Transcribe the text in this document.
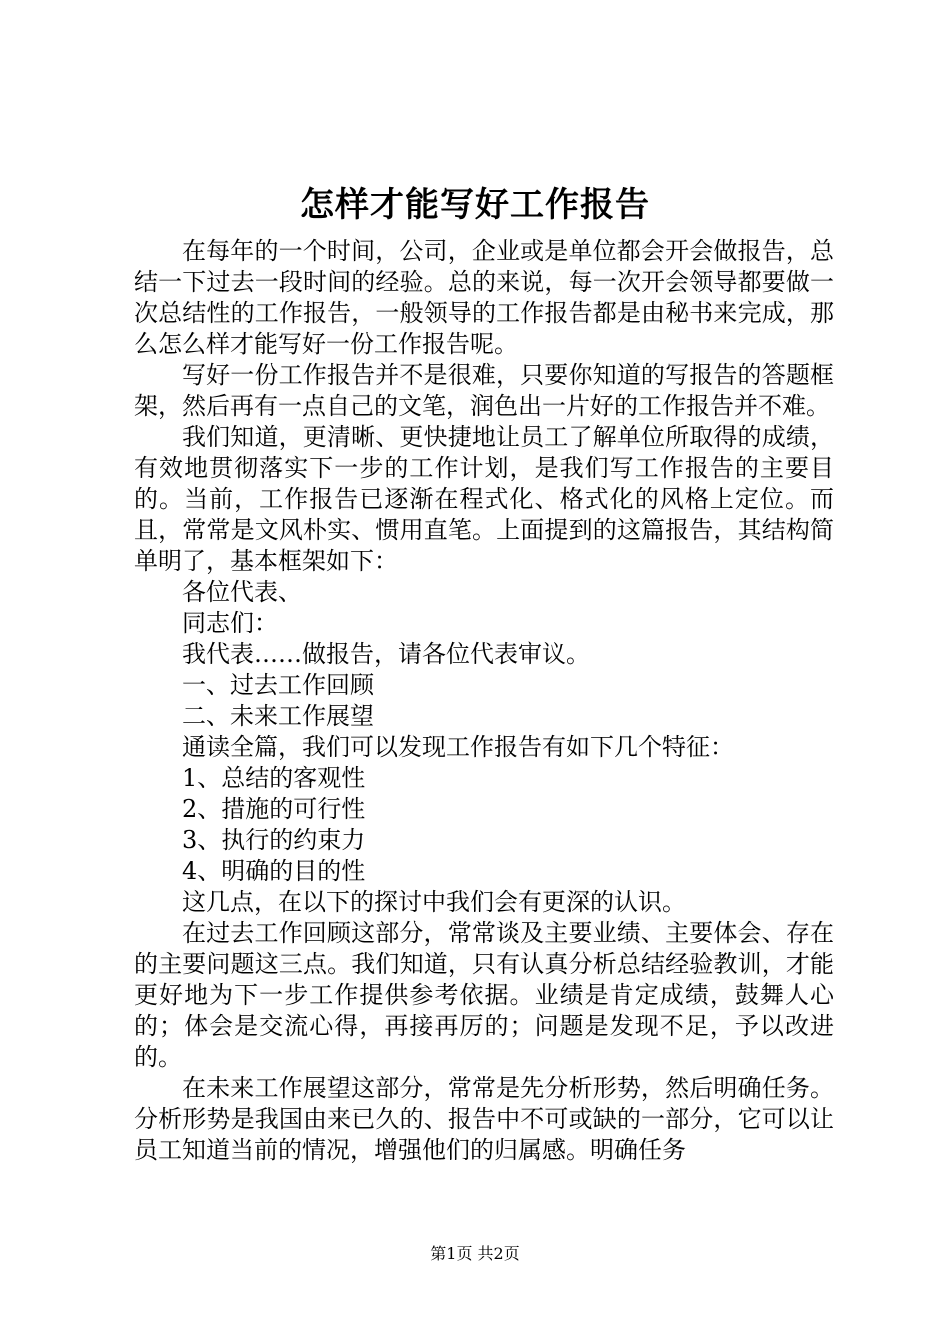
怎样才能写好工作报告

在每年的一个时间，公司，企业或是单位都会开会做报告，总结一下过去一段时间的经验。总的来说，每一次开会领导都要做一次总结性的工作报告，一般领导的工作报告都是由秘书来完成，那么怎么样才能写好一份工作报告呢。

写好一份工作报告并不是很难，只要你知道的写报告的答题框架，然后再有一点自己的文笔，润色出一片好的工作报告并不难。

我们知道，更清晰、更快捷地让员工了解单位所取得的成绩，有效地贯彻落实下一步的工作计划，是我们写工作报告的主要目的。当前，工作报告已逐渐在程式化、格式化的风格上定位。而且，常常是文风朴实、惯用直笔。上面提到的这篇报告，其结构简单明了，基本框架如下：

各位代表、

同志们：

我代表……做报告，请各位代表审议。

一、过去工作回顾

二、未来工作展望

通读全篇，我们可以发现工作报告有如下几个特征：

1、总结的客观性

2、措施的可行性

3、执行的约束力

4、明确的目的性

这几点，在以下的探讨中我们会有更深的认识。

在过去工作回顾这部分，常常谈及主要业绩、主要体会、存在的主要问题这三点。我们知道，只有认真分析总结经验教训，才能更好地为下一步工作提供参考依据。业绩是肯定成绩，鼓舞人心的；体会是交流心得，再接再厉的；问题是发现不足，予以改进的。

在未来工作展望这部分，常常是先分析形势，然后明确任务。分析形势是我国由来已久的、报告中不可或缺的一部分，它可以让员工知道当前的情况，增强他们的归属感。明确任务

第1页 共2页
